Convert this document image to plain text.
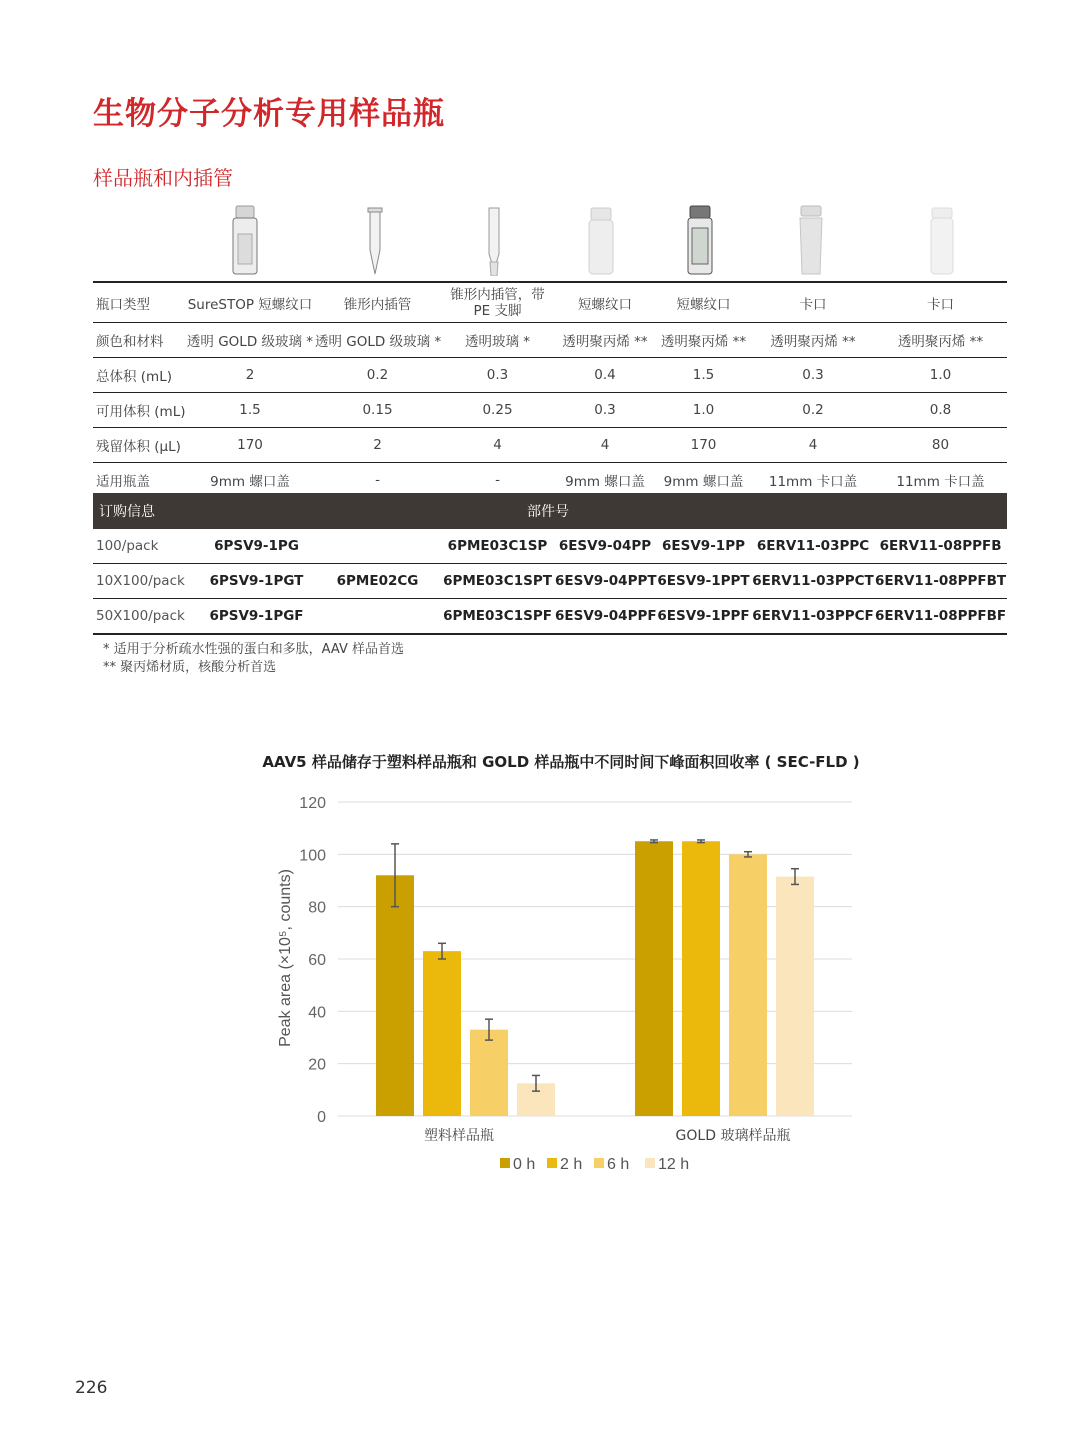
生物分子分析专用样品瓶
样品瓶和内插管
瓶口类型	SureSTOP 短螺纹口	锥形内插管	锥形内插管，带 PE 支脚	短螺纹口	短螺纹口	卡口	卡口
颜色和材料	透明 GOLD 级玻璃 *	透明 GOLD 级玻璃 *	透明玻璃 *	透明聚丙烯 **	透明聚丙烯 **	透明聚丙烯 **	透明聚丙烯 **
总体积 (mL)	2	0.2	0.3	0.4	1.5	0.3	1.0
可用体积 (mL)	1.5	0.15	0.25	0.3	1.0	0.2	0.8
残留体积 (µL)	170	2	4	4	170	4	80
适用瓶盖	9mm 螺口盖	-	-	9mm 螺口盖	9mm 螺口盖	11mm 卡口盖	11mm 卡口盖
订购信息	部件号						
100/pack	6PSV9-1PG		6PME03C1SP	6ESV9-04PP	6ESV9-1PP	6ERV11-03PPC	6ERV11-08PPFB
10X100/pack	6PSV9-1PGT	6PME02CG	6PME03C1SPT	6ESV9-04PPT	6ESV9-1PPT	6ERV11-03PPCT	6ERV11-08PPFBT
50X100/pack	6PSV9-1PGF		6PME03C1SPF	6ESV9-04PPF	6ESV9-1PPF	6ERV11-03PPCF	6ERV11-08PPFBF
* 适用于分析疏水性强的蛋白和多肽，AAV 样品首选
** 聚丙烯材质，核酸分析首选
AAV5 样品储存于塑料样品瓶和 GOLD 样品瓶中不同时间下峰面积回收率 ( SEC-FLD )
0
20
40
60
80
100
120
Peak area (×10⁵, counts)
塑料样品瓶	GOLD 玻璃样品瓶
0 h 2 h 6 h 12 h
226
